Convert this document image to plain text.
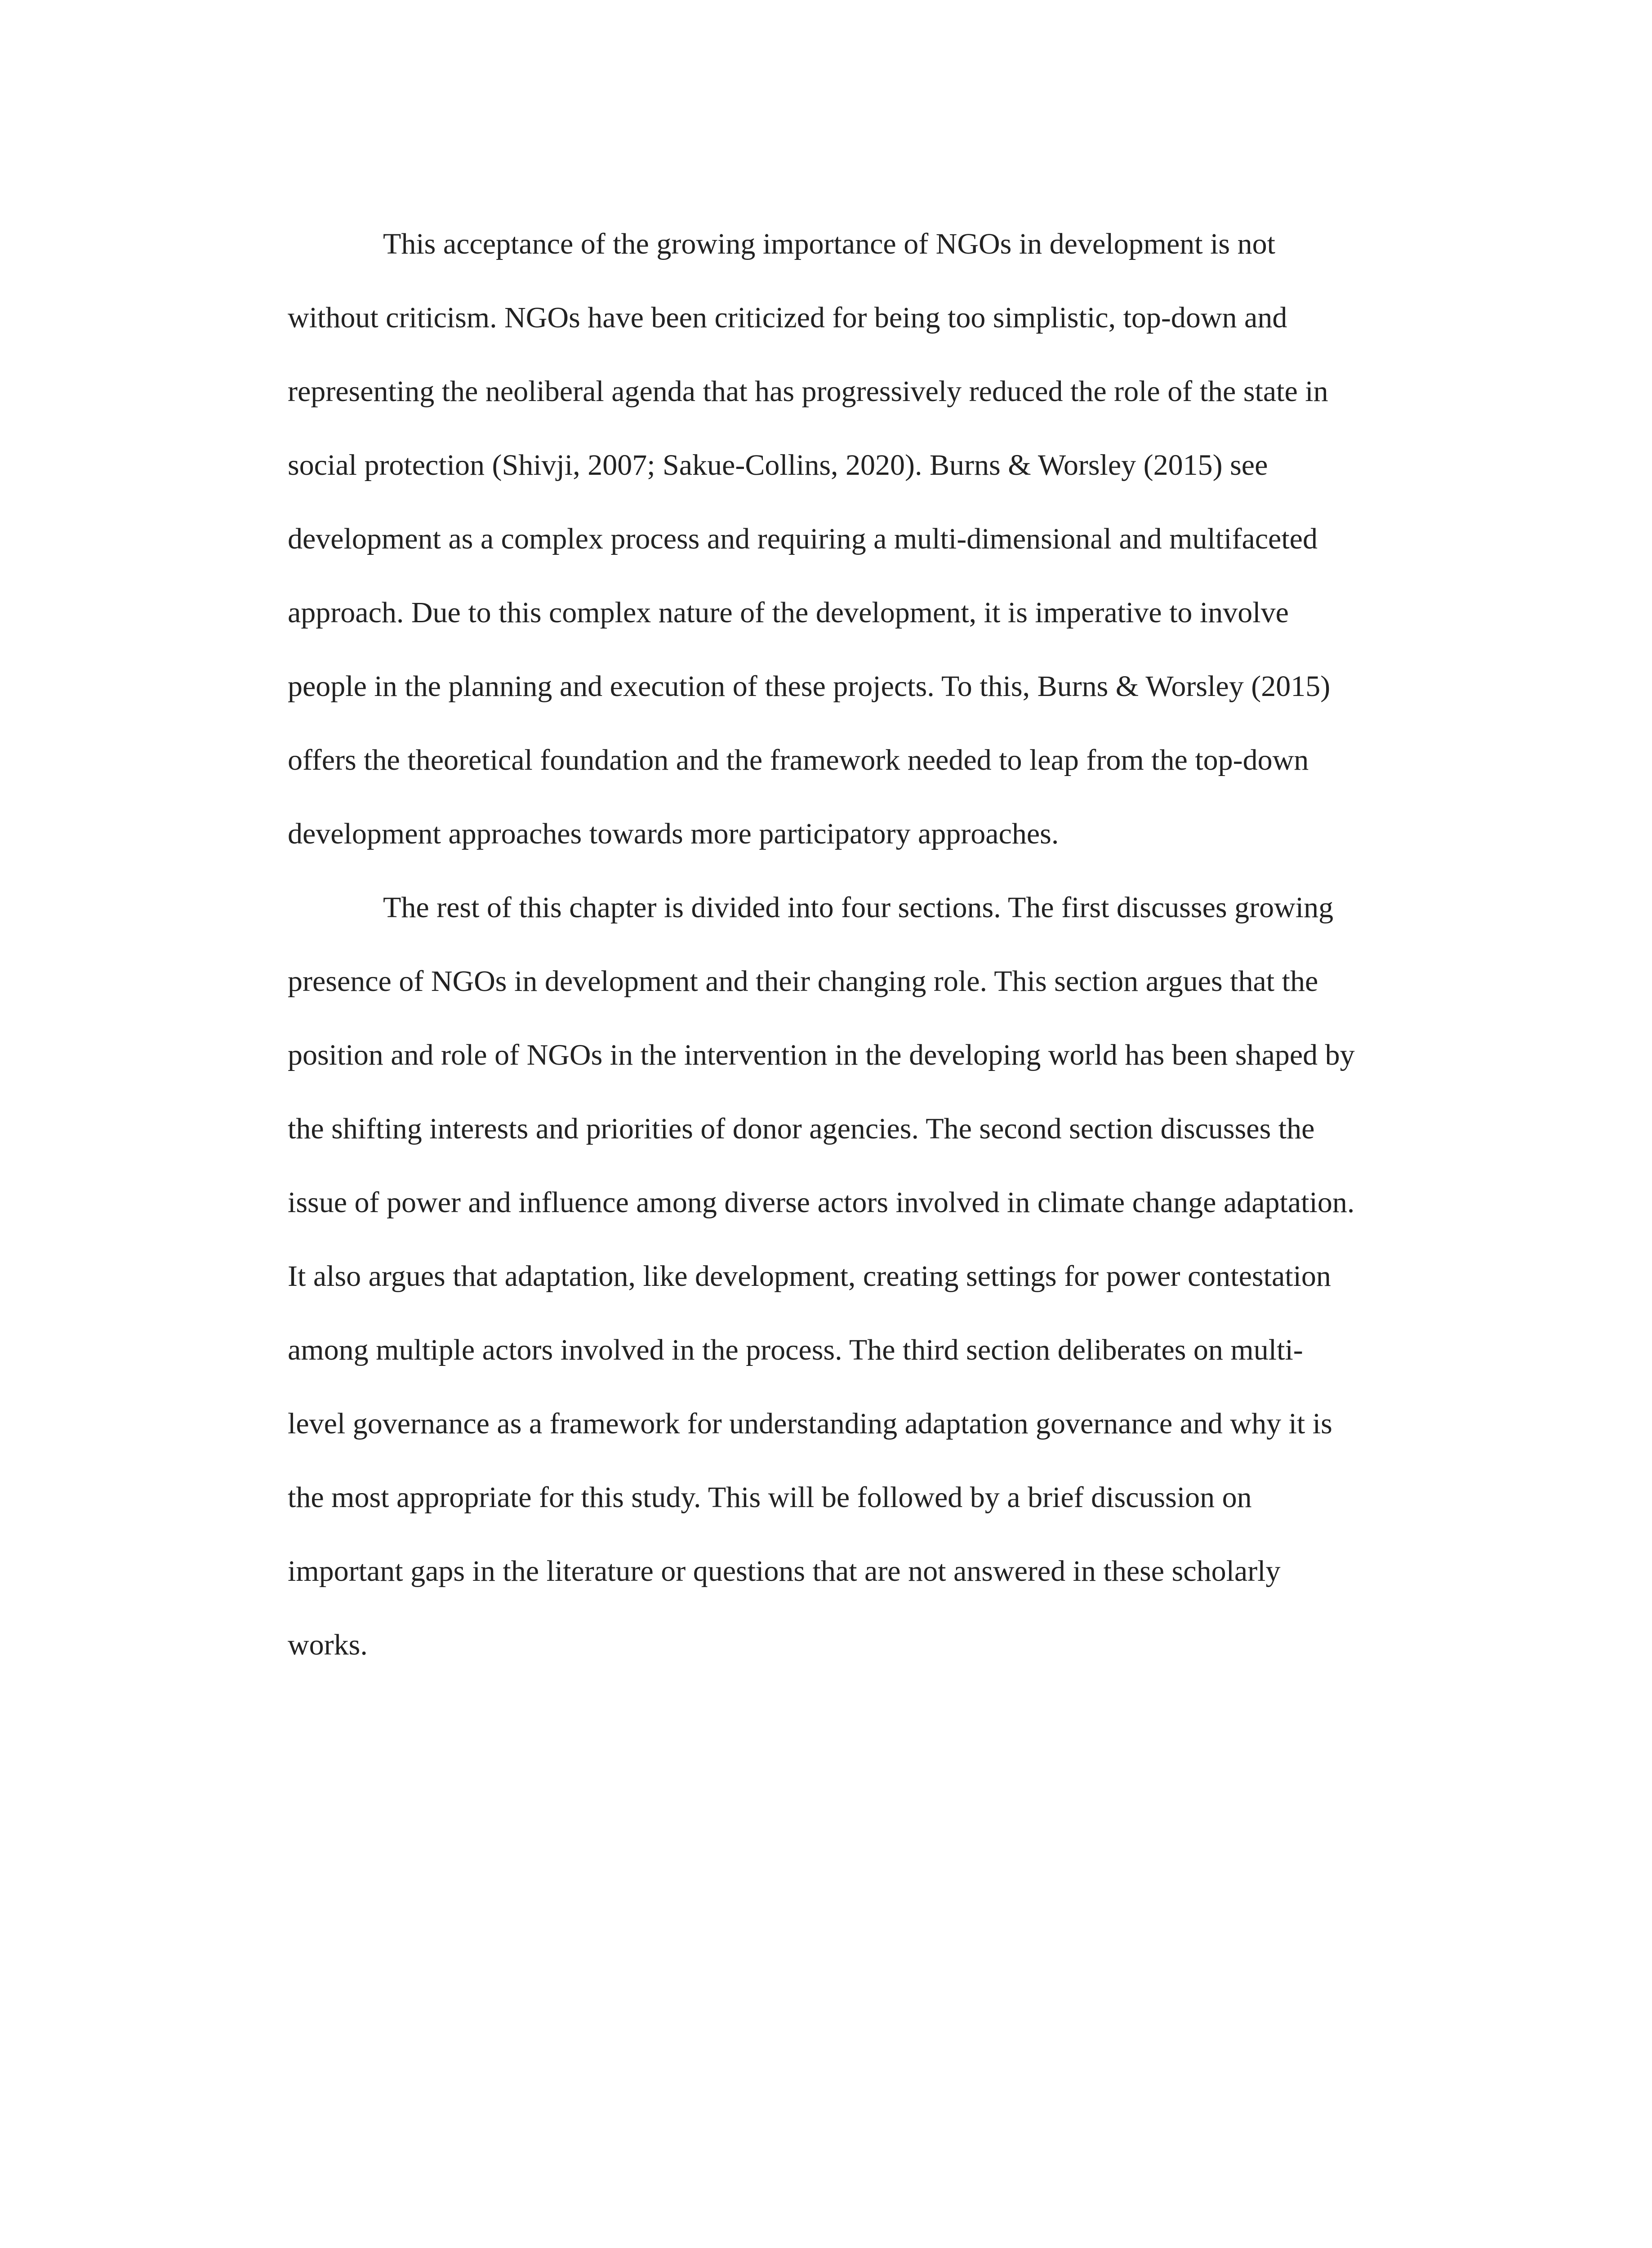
This acceptance of the growing importance of NGOs in development is not
without criticism. NGOs have been criticized for being too simplistic, top-down and
representing the neoliberal agenda that has progressively reduced the role of the state in
social protection (Shivji, 2007; Sakue-Collins, 2020). Burns & Worsley (2015) see
development as a complex process and requiring a multi-dimensional and multifaceted
approach. Due to this complex nature of the development, it is imperative to involve
people in the planning and execution of these projects. To this, Burns & Worsley (2015)
offers the theoretical foundation and the framework needed to leap from the top-down
development approaches towards more participatory approaches.
The rest of this chapter is divided into four sections. The first discusses growing
presence of NGOs in development and their changing role. This section argues that the
position and role of NGOs in the intervention in the developing world has been shaped by
the shifting interests and priorities of donor agencies. The second section discusses the
issue of power and influence among diverse actors involved in climate change adaptation.
It also argues that adaptation, like development, creating settings for power contestation
among multiple actors involved in the process. The third section deliberates on multi-
level governance as a framework for understanding adaptation governance and why it is
the most appropriate for this study. This will be followed by a brief discussion on
important gaps in the literature or questions that are not answered in these scholarly
works.
